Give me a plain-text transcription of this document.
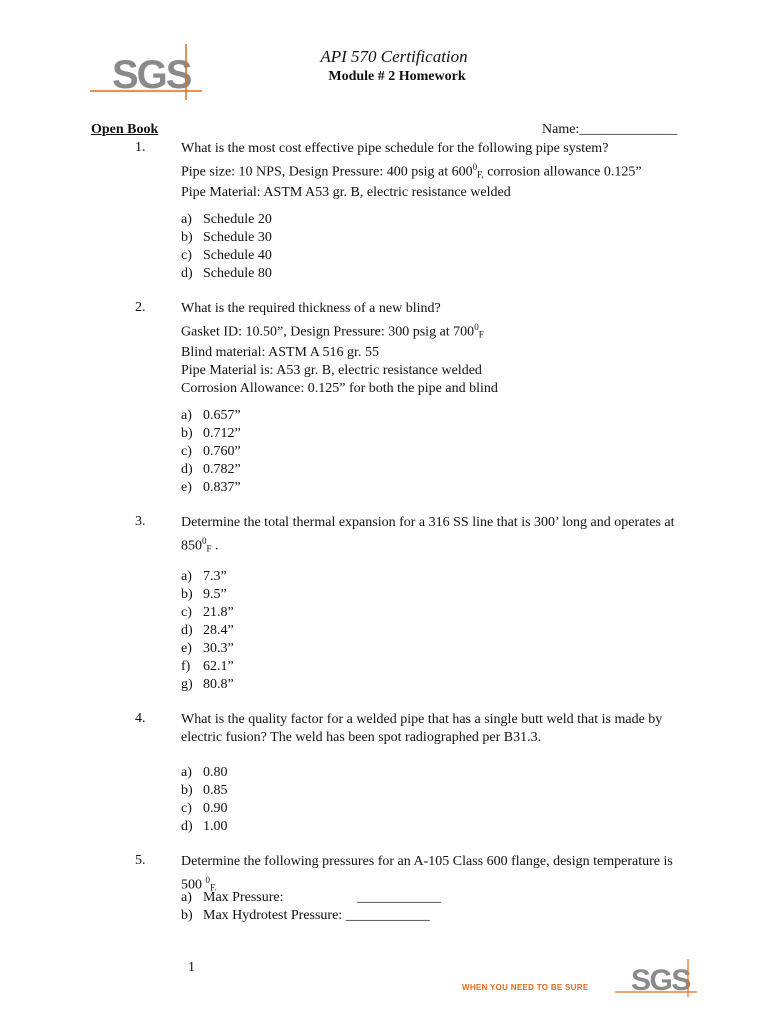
SGS	API 570 Certification
Module # 2 Homework
Open Book	Name:______________
1.	What is the most cost effective pipe schedule for the following pipe system?
Pipe size: 10 NPS, Design Pressure: 400 psig at $600^0_{F,}$ corrosion allowance 0.125”
Pipe Material: ASTM A53 gr. B, electric resistance welded
a) Schedule 20
b) Schedule 30
c) Schedule 40
d) Schedule 80
2.	What is the required thickness of a new blind?
Gasket ID: 10.50”, Design Pressure: 300 psig at $700^0_F$
Blind material: ASTM A 516 gr. 55
Pipe Material is: A53 gr. B, electric resistance welded
Corrosion Allowance: 0.125” for both the pipe and blind
a) 0.657”
b) 0.712”
c) 0.760”
d) 0.782”
e) 0.837”
3.	Determine the total thermal expansion for a 316 SS line that is 300’ long and operates at
$850^0_F$ .
a) 7.3”
b) 9.5”
c) 21.8”
d) 28.4”
e) 30.3”
f) 62.1”
g) 80.8”
4.	What is the quality factor for a welded pipe that has a single butt weld that is made by
electric fusion? The weld has been spot radiographed per B31.3.
a) 0.80
b) 0.85
c) 0.90
d) 1.00
5.	Determine the following pressures for an A-105 Class 600 flange, design temperature is
500 $^0_{F.}$
a) Max Pressure:	____________
b) Max Hydrotest Pressure:
____________
1
WHEN YOU NEED TO BE SURE SGS
